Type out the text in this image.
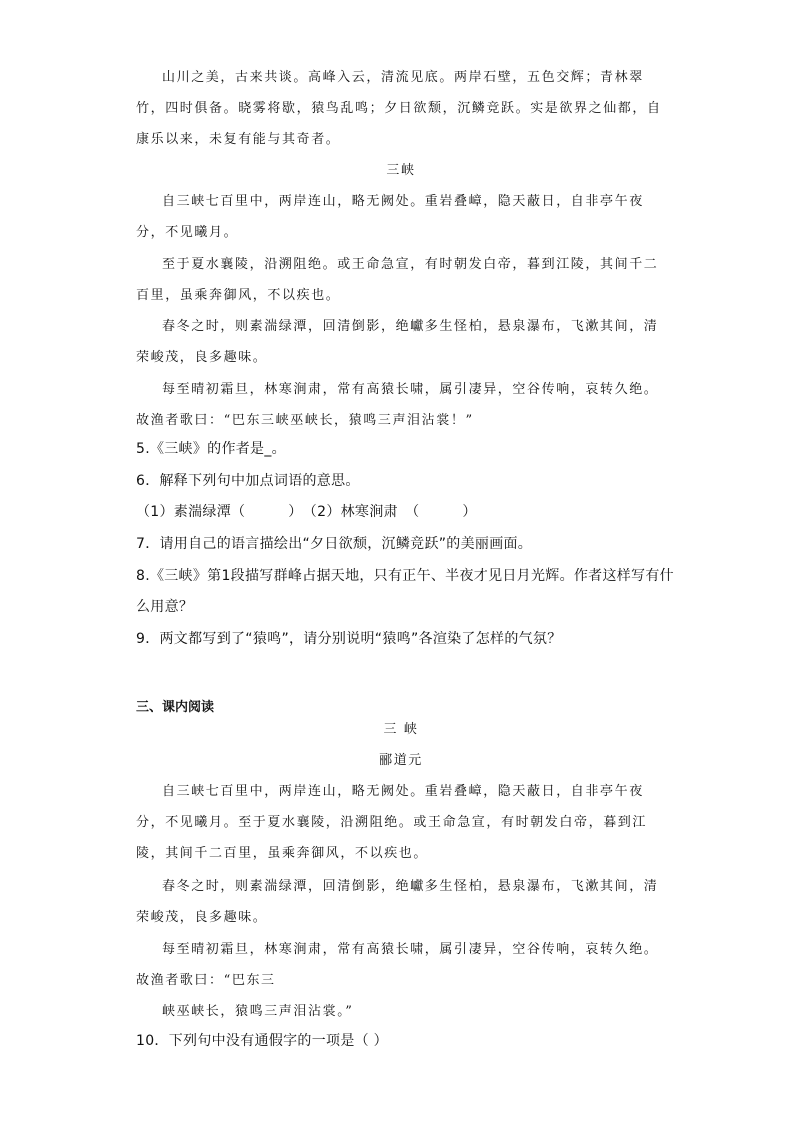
山川之美，古来共谈。高峰入云，清流见底。两岸石壁，五色交辉；青林翠竹，四时俱备。晓雾将歇，猿鸟乱鸣；夕日欲颓，沉鳞竞跃。实是欲界之仙都，自康乐以来，未复有能与其奇者。

三峡

自三峡七百里中，两岸连山，略无阙处。重岩叠嶂，隐天蔽日，自非亭午夜分，不见曦月。

至于夏水襄陵，沿溯阻绝。或王命急宣，有时朝发白帝，暮到江陵，其间千二百里，虽乘奔御风，不以疾也。

春冬之时，则素湍绿潭，回清倒影，绝巘多生怪柏，悬泉瀑布，飞漱其间，清荣峻茂，良多趣味。

每至晴初霜旦，林寒涧肃，常有高猿长啸，属引凄异，空谷传响，哀转久绝。故渔者歌曰：“巴东三峡巫峡长，猿鸣三声泪沾裳！”

5.《三峡》的作者是_。

6．解释下列句中加点词语的意思。

（1）素湍绿潭（　　　）　（2）林寒涧肃　（　　　）

7．请用自己的语言描绘出“夕日欲颓，沉鳞竞跃”的美丽画面。

8.《三峡》第1段描写群峰占据天地，只有正午、半夜才见日月光辉。作者这样写有什么用意？

9．两文都写到了“猿鸣”，请分别说明“猿鸣”各渲染了怎样的气氛？

三、课内阅读

三 峡

郦道元

自三峡七百里中，两岸连山，略无阙处。重岩叠嶂，隐天蔽日，自非亭午夜分，不见曦月。至于夏水襄陵，沿溯阻绝。或王命急宣，有时朝发白帝，暮到江陵，其间千二百里，虽乘奔御风，不以疾也。

春冬之时，则素湍绿潭，回清倒影，绝巘多生怪柏，悬泉瀑布，飞漱其间，清荣峻茂，良多趣味。

每至晴初霜旦，林寒涧肃，常有高猿长啸，属引凄异，空谷传响，哀转久绝。故渔者歌曰：“巴东三

峡巫峡长，猿鸣三声泪沾裳。”

10．下列句中没有通假字的一项是（ ）
